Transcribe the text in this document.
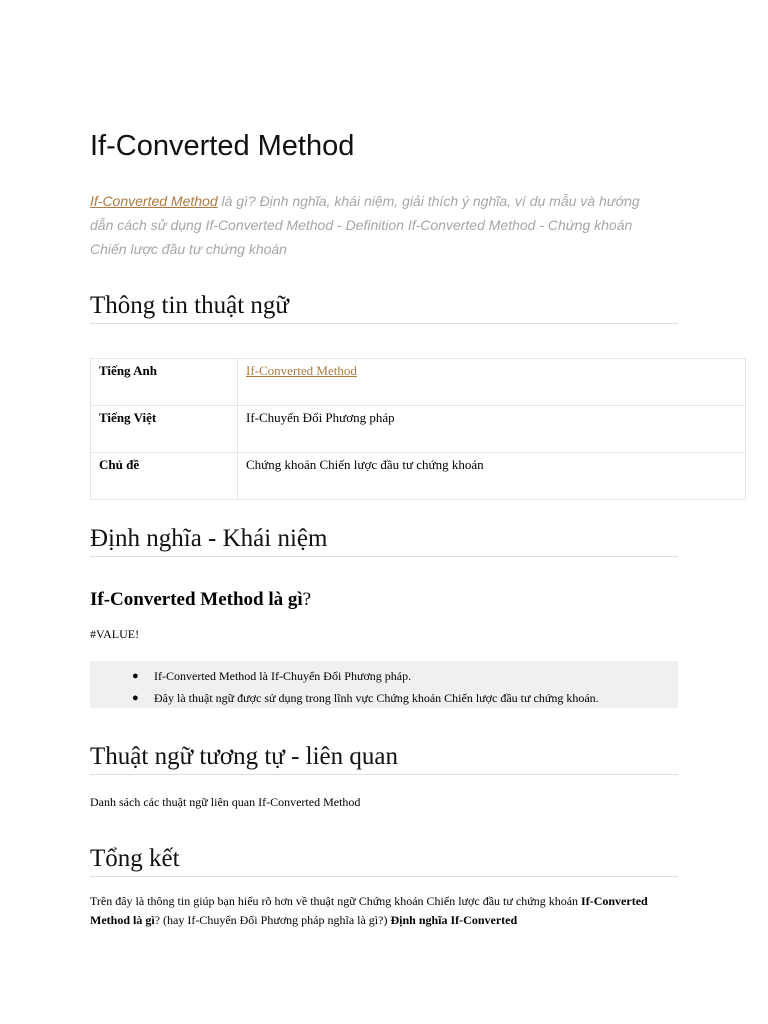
If-Converted Method

If-Converted Method là gì? Định nghĩa, khái niệm, giải thích ý nghĩa, ví dụ mẫu và hướng dẫn cách sử dụng If-Converted Method - Definition If-Converted Method - Chứng khoán Chiến lược đầu tư chứng khoán

Thông tin thuật ngữ
Tiếng Anh	If-Converted Method
Tiếng Việt	If-Chuyển Đổi Phương pháp
Chủ đề	Chứng khoán Chiến lược đầu tư chứng khoán
Định nghĩa - Khái niệm
If-Converted Method là gì?

#VALUE!

● If-Converted Method là If-Chuyển Đổi Phương pháp.
● Đây là thuật ngữ được sử dụng trong lĩnh vực Chứng khoán Chiến lược đầu tư chứng khoán.
Thuật ngữ tương tự - liên quan

Danh sách các thuật ngữ liên quan If-Converted Method

Tổng kết

Trên đây là thông tin giúp bạn hiểu rõ hơn về thuật ngữ Chứng khoán Chiến lược đầu tư chứng khoán If-Converted Method là gì? (hay If-Chuyển Đổi Phương pháp nghĩa là gì?) Định nghĩa If-Converted
